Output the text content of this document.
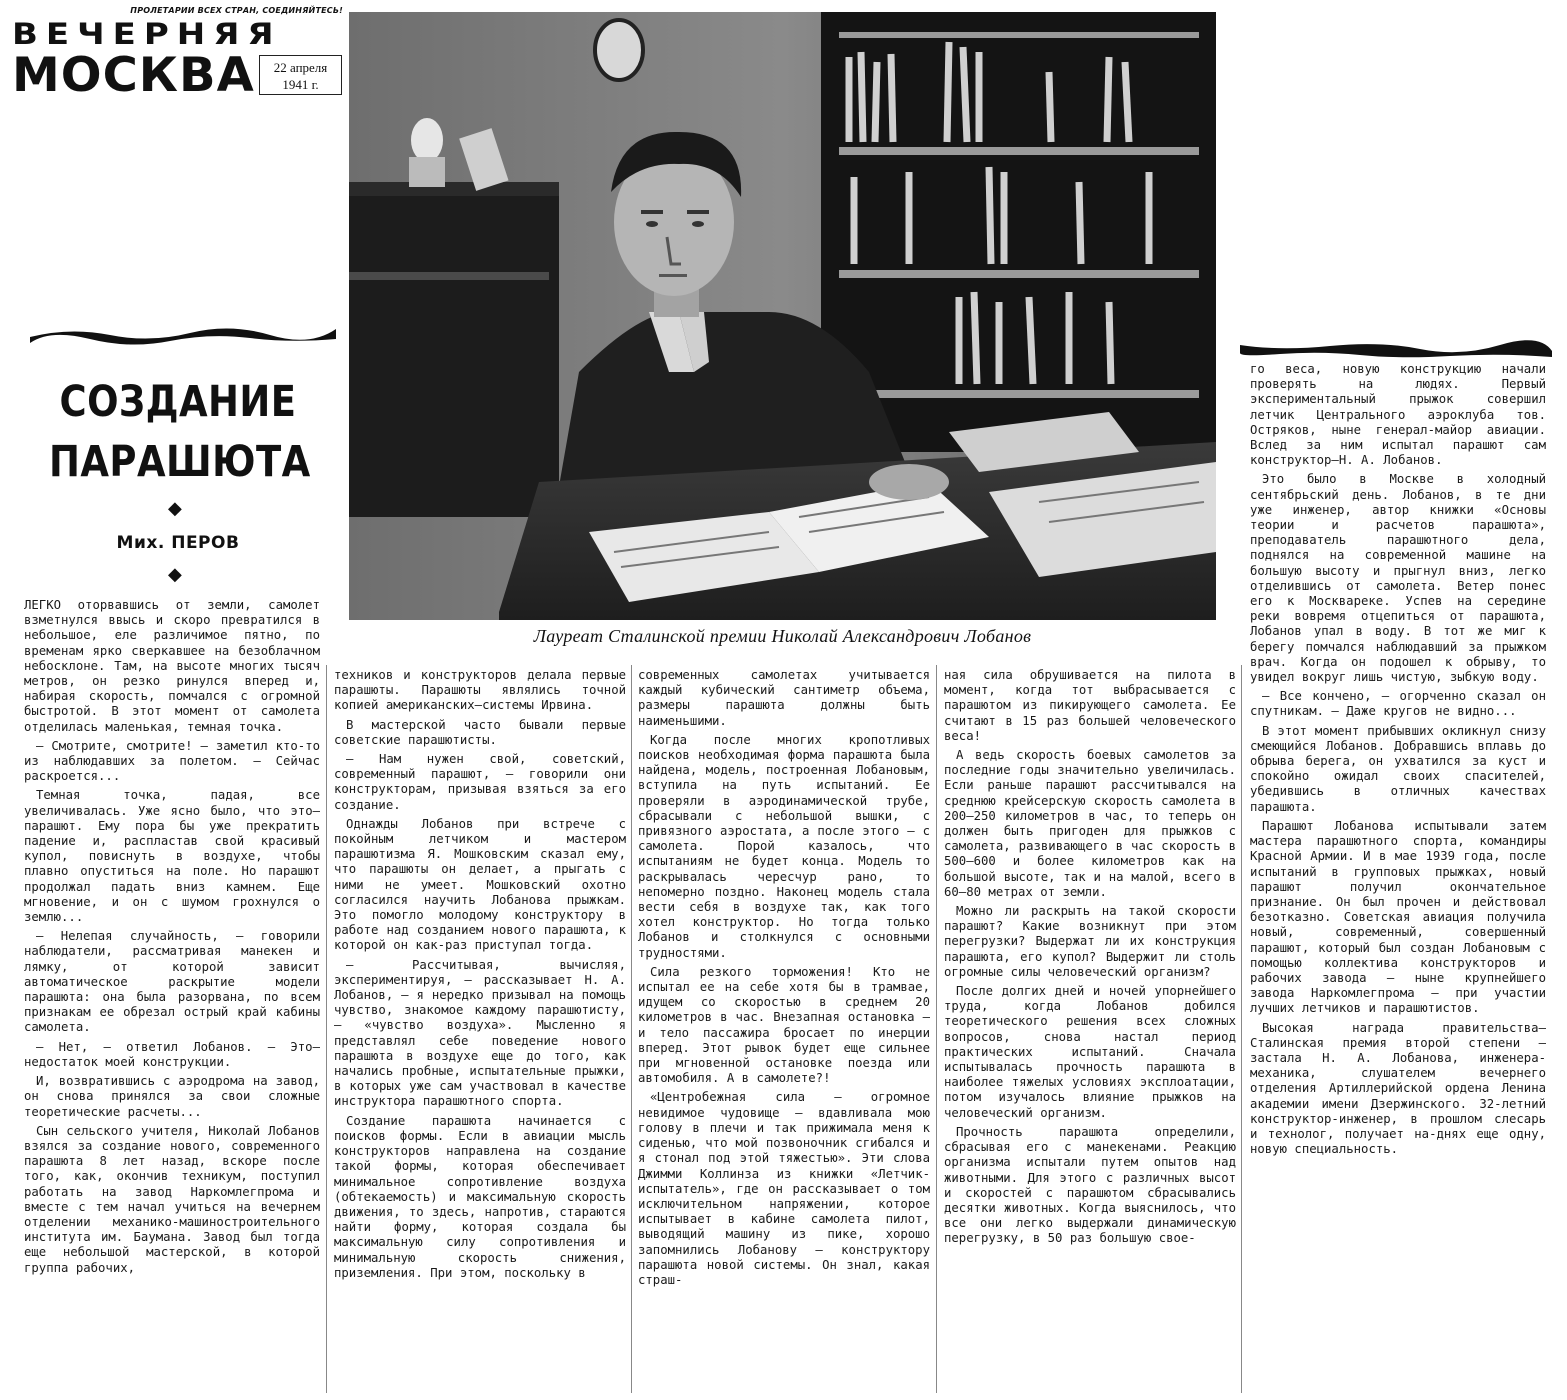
ПРОЛЕТАРИИ ВСЕХ СТРАН, СОЕДИНЯЙТЕСЬ!
ВЕЧЕРНЯЯ
МОСКВА	22 апреля
1941 г.
Лауреат Сталинской премии Николай Александрович Лобанов
СОЗДАНИЕ
ПАРАШЮТА
◆
Мих. ПЕРОВ
◆

ЛЕГКО оторвавшись от земли, самолет взметнулся ввысь и скоро превратился в небольшое, еле различимое пятно, по временам ярко сверкавшее на безоблачном небосклоне. Там, на высоте многих тысяч метров, он резко ринулся вперед и, набирая скорость, помчался с огромной быстротой. В этот момент от самолета отделилась маленькая, темная точка.

— Смотрите, смотрите! — заметил кто-то из наблюдавших за полетом. — Сейчас раскроется...

Темная точка, падая, все увеличивалась. Уже ясно было, что это—парашют. Ему пора бы уже прекратить падение и, распластав свой красивый купол, повиснуть в воздухе, чтобы плавно опуститься на поле. Но парашют продолжал падать вниз камнем. Еще мгновение, и он с шумом грохнулся о землю...

— Нелепая случайность, — говорили наблюдатели, рассматривая манекен и лямку, от которой зависит автоматическое раскрытие модели парашюта: она была разорвана, по всем признакам ее обрезал острый край кабины самолета.

— Нет, — ответил Лобанов. — Это—недостаток моей конструкции.

И, возвратившись с аэродрома на завод, он снова принялся за свои сложные теоретические расчеты...

Сын сельского учителя, Николай Лобанов взялся за создание нового, современного парашюта 8 лет назад, вскоре после того, как, окончив техникум, поступил работать на завод Наркомлегпрома и вместе с тем начал учиться на вечернем отделении механико-машиностроительного института им. Баумана. Завод был тогда еще небольшой мастерской, в которой группа рабочих,

техников и конструкторов делала первые парашюты. Парашюты являлись точной копией американских—системы Ирвина.

В мастерской часто бывали первые советские парашютисты.

— Нам нужен свой, советский, современный парашют, — говорили они конструкторам, призывая взяться за его создание.

Однажды Лобанов при встрече с покойным летчиком и мастером парашютизма Я. Мошковским сказал ему, что парашюты он делает, а прыгать с ними не умеет. Мошковский охотно согласился научить Лобанова прыжкам. Это помогло молодому конструктору в работе над созданием нового парашюта, к которой он как-раз приступал тогда.

— Рассчитывая, вычисляя, экспериментируя, — рассказывает Н. А. Лобанов, — я нередко призывал на помощь чувство, знакомое каждому парашютисту, — «чувство воздуха». Мысленно я представлял себе поведение нового парашюта в воздухе еще до того, как начались пробные, испытательные прыжки, в которых уже сам участвовал в качестве инструктора парашютного спорта.

Создание парашюта начинается с поисков формы. Если в авиации мысль конструкторов направлена на создание такой формы, которая обеспечивает минимальное сопротивление воздуха (обтекаемость) и максимальную скорость движения, то здесь, напротив, стараются найти форму, которая создала бы максимальную силу сопротивления и минимальную скорость снижения, приземления. При этом, поскольку в

современных самолетах учитывается каждый кубический сантиметр объема, размеры парашюта должны быть наименьшими.

Когда после многих кропотливых поисков необходимая форма парашюта была найдена, модель, построенная Лобановым, вступила на путь испытаний. Ее проверяли в аэродинамической трубе, сбрасывали с небольшой вышки, с привязного аэростата, а после этого — с самолета. Порой казалось, что испытаниям не будет конца. Модель то раскрывалась чересчур рано, то непомерно поздно. Наконец модель стала вести себя в воздухе так, как того хотел конструктор. Но тогда только Лобанов и столкнулся с основными трудностями.

Сила резкого торможения! Кто не испытал ее на себе хотя бы в трамвае, идущем со скоростью в среднем 20 километров в час. Внезапная остановка — и тело пассажира бросает по инерции вперед. Этот рывок будет еще сильнее при мгновенной остановке поезда или автомобиля. А в самолете?!

«Центробежная сила — огромное невидимое чудовище — вдавливала мою голову в плечи и так прижимала меня к сиденью, что мой позвоночник сгибался и я стонал под этой тяжестью». Эти слова Джимми Коллинза из книжки «Летчик-испытатель», где он рассказывает о том исключительном напряжении, которое испытывает в кабине самолета пилот, выводящий машину из пике, хорошо запомнились Лобанову — конструктору парашюта новой системы. Он знал, какая страш-

ная сила обрушивается на пилота в момент, когда тот выбрасывается с парашютом из пикирующего самолета. Ее считают в 15 раз большей человеческого веса!

А ведь скорость боевых самолетов за последние годы значительно увеличилась. Если раньше парашют рассчитывался на среднюю крейсерскую скорость самолета в 200—250 километров в час, то теперь он должен быть пригоден для прыжков с самолета, развивающего в час скорость в 500—600 и более километров как на большой высоте, так и на малой, всего в 60—80 метрах от земли.

Можно ли раскрыть на такой скорости парашют? Какие возникнут при этом перегрузки? Выдержат ли их конструкция парашюта, его купол? Выдержит ли столь огромные силы человеческий организм?

После долгих дней и ночей упорнейшего труда, когда Лобанов добился теоретического решения всех сложных вопросов, снова настал период практических испытаний. Сначала испытывалась прочность парашюта в наиболее тяжелых условиях эксплоатации, потом изучалось влияние прыжков на человеческий организм.

Прочность парашюта определили, сбрасывая его с манекенами. Реакцию организма испытали путем опытов над животными. Для этого с различных высот и скоростей с парашютом сбрасывались десятки животных. Когда выяснилось, что все они легко выдержали динамическую перегрузку, в 50 раз большую свое-

го веса, новую конструкцию начали проверять на людях. Первый экспериментальный прыжок совершил летчик Центрального аэроклуба тов. Остряков, ныне генерал-майор авиации. Вслед за ним испытал парашют сам конструктор—Н. А. Лобанов.

Это было в Москве в холодный сентябрьский день. Лобанов, в те дни уже инженер, автор книжки «Основы теории и расчетов парашюта», преподаватель парашютного дела, поднялся на современной машине на большую высоту и прыгнул вниз, легко отделившись от самолета. Ветер понес его к Москвареке. Успев на середине реки вовремя отцепиться от парашюта, Лобанов упал в воду. В тот же миг к берегу помчался наблюдавший за прыжком врач. Когда он подошел к обрыву, то увидел вокруг лишь чистую, зыбкую воду.

— Все кончено, — огорченно сказал он спутникам. — Даже кругов не видно...

В этот момент прибывших окликнул снизу смеющийся Лобанов. Добравшись вплавь до обрыва берега, он ухватился за куст и спокойно ожидал своих спасителей, убедившись в отличных качествах парашюта.

Парашют Лобанова испытывали затем мастера парашютного спорта, командиры Красной Армии. И в мае 1939 года, после испытаний в групповых прыжках, новый парашют получил окончательное признание. Он был прочен и действовал безотказно. Советская авиация получила новый, современный, совершенный парашют, который был создан Лобановым с помощью коллектива конструкторов и рабочих завода — ныне крупнейшего завода Наркомлегпрома — при участии лучших летчиков и парашютистов.

Высокая награда правительства—Сталинская премия второй степени — застала Н. А. Лобанова, инженера-механика, слушателем вечернего отделения Артиллерийской ордена Ленина академии имени Дзержинского. 32-летний конструктор-инженер, в прошлом слесарь и технолог, получает на-днях еще одну, новую специальность.
